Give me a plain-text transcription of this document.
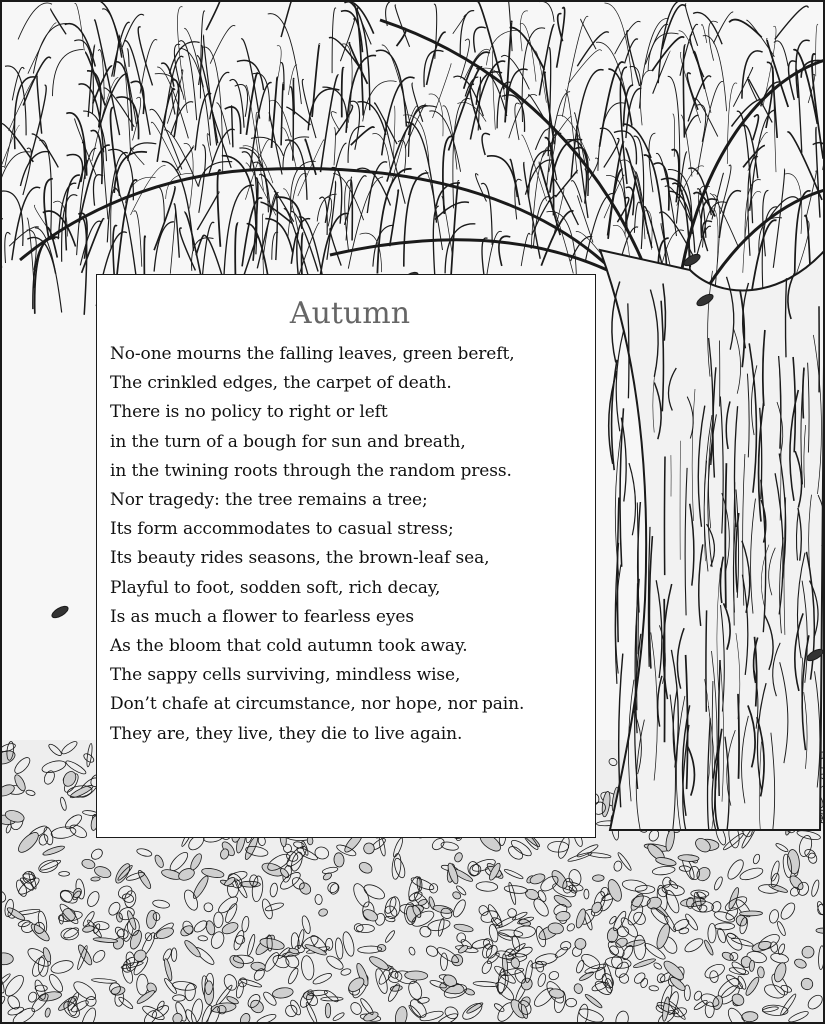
Autumn
No-one mourns the falling leaves, green bereft,
The crinkled edges, the carpet of death.
There is no policy to right or left
in the turn of a bough for sun and breath,
in the twining roots through the random press.
Nor tragedy: the tree remains a tree;
Its form accommodates to casual stress;
Its beauty rides seasons, the brown-leaf sea,
Playful to foot, sodden soft, rich decay,
Is as much a flower to fearless eyes
As the bloom that cold autumn took away.
The sappy cells surviving, mindless wise,
Don’t chafe at circumstance, nor hope, nor pain.
They are, they live, they die to live again.
